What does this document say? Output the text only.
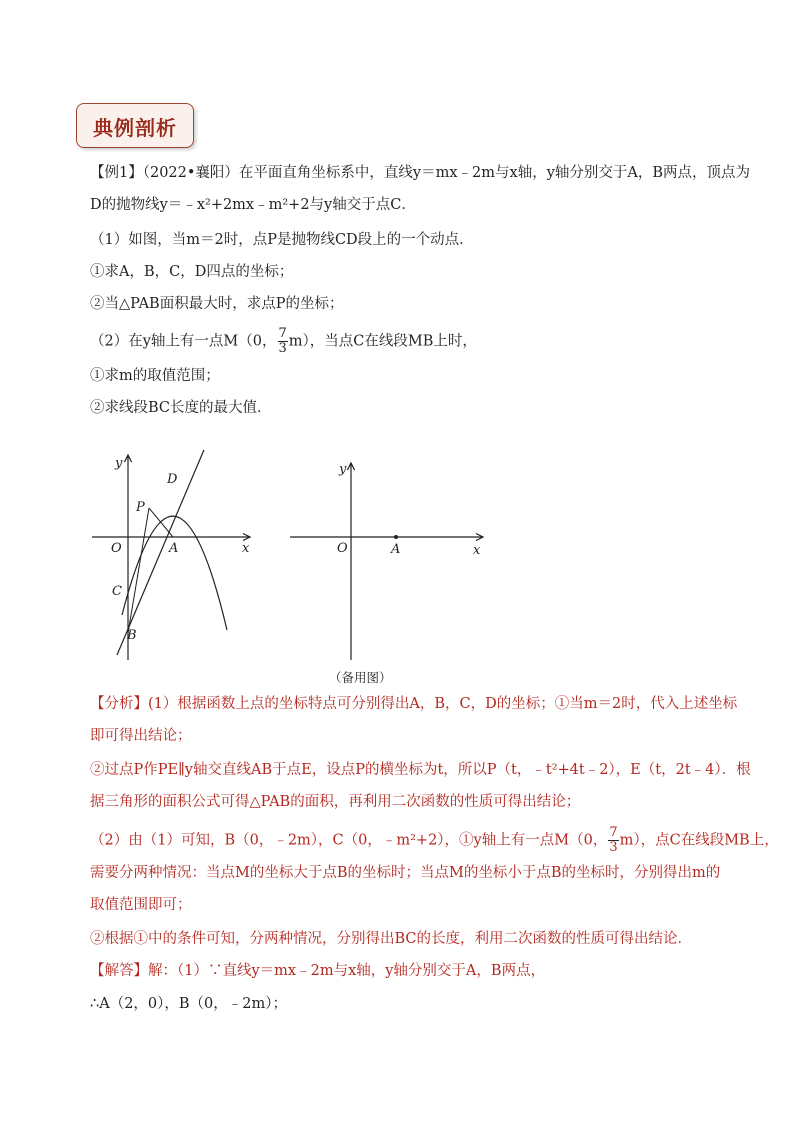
典例剖析
【例1】（2022•襄阳）在平面直角坐标系中，直线y＝mx﹣2m与x轴，y轴分别交于A，B两点，顶点为
D的抛物线y＝﹣x²+2mx﹣m²+2与y轴交于点C．
（1）如图，当m＝2时，点P是抛物线CD段上的一个动点．
①求A，B，C，D四点的坐标；
②当△PAB面积最大时，求点P的坐标；
（2）在y轴上有一点M（0， $\frac{7}{3} m$），当点C在线段MB上时，
①求m的取值范围；
②求线段BC长度的最大值．
y
x
O
D
P
A
C
B
y
x
O	A
（备用图）
【分析】(1）根据函数上点的坐标特点可分别得出A，B，C，D的坐标；①当m＝2时，代入上述坐标
即可得出结论；
②过点P作PE∥y轴交直线AB于点E，设点P的横坐标为t，所以P（t，﹣t²+4t﹣2），E（t，2t﹣4）．根
据三角形的面积公式可得△PAB的面积，再利用二次函数的性质可得出结论；
（2）由（1）可知，B（0，﹣2m），C（0，﹣m²+2），①y轴上有一点M（0， $\frac{7}{3} m$），点C在线段MB上，
需要分两种情况：当点M的坐标大于点B的坐标时；当点M的坐标小于点B的坐标时，分别得出m的
取值范围即可；
②根据①中的条件可知，分两种情况，分别得出BC的长度，利用二次函数的性质可得出结论．
【解答】解：（1）∵直线y＝mx﹣2m与x轴，y轴分别交于A，B两点，
∴A（2，0），B（0，﹣2m）；
